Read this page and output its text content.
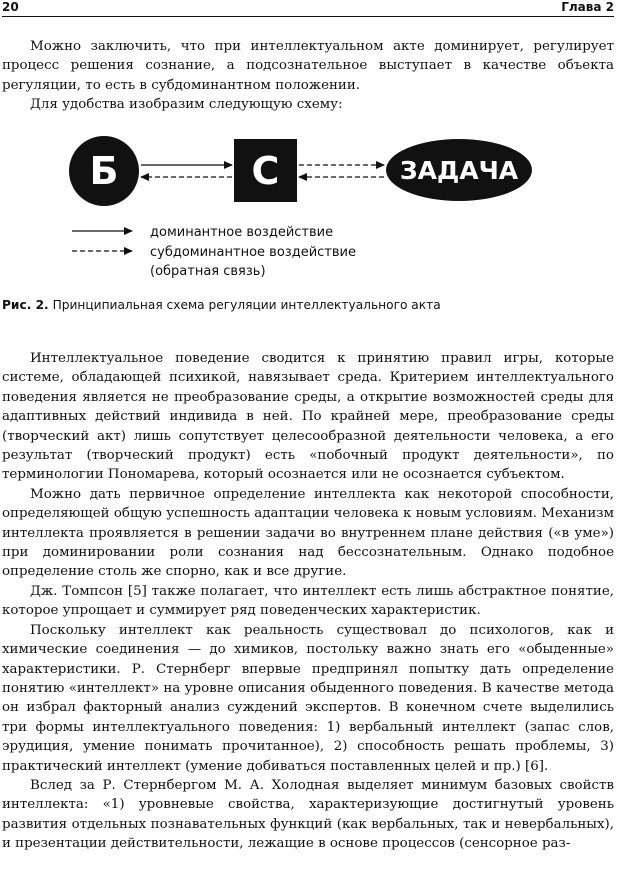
20	Глава 2

Можно заключить, что при интеллектуальном акте доминирует, регулирует процесс решения сознание, а подсознательное выступает в качестве объекта регуляции, то есть в субдоминантном положении.

Для удобства изобразим следующую схему:

Б	С	ЗАДАЧА
доминантное воздействие
субдоминантное воздействие
(обратная связь)

Рис. 2. Принципиальная схема регуляции интеллектуального акта

Интеллектуальное поведение сводится к принятию правил игры, которые системе, обладающей психикой, навязывает среда. Критерием интеллектуального поведения является не преобразование среды, а открытие возможностей среды для адаптивных действий индивида в ней. По крайней мере, преобразование среды (творческий акт) лишь сопутствует целесообразной деятельности человека, а его результат (творческий продукт) есть «побочный продукт деятельности», по терминологии Пономарева, который осознается или не осознается субъектом.

Можно дать первичное определение интеллекта как некоторой способности, определяющей общую успешность адаптации человека к новым условиям. Механизм интеллекта проявляется в решении задачи во внутреннем плане действия («в уме») при доминировании роли сознания над бессознательным. Однако подобное определение столь же спорно, как и все другие.

Дж. Томпсон [5] также полагает, что интеллект есть лишь абстрактное понятие, которое упрощает и суммирует ряд поведенческих характеристик.

Поскольку интеллект как реальность существовал до психологов, как и химические соединения — до химиков, постольку важно знать его «обыденные» характеристики. Р. Стернберг впервые предпринял попытку дать определение понятию «интеллект» на уровне описания обыденного поведения. В качестве метода он избрал факторный анализ суждений экспертов. В конечном счете выделились три формы интеллектуального поведения: 1) вербальный интеллект (запас слов, эрудиция, умение понимать прочитанное), 2) способность решать проблемы, 3) практический интеллект (умение добиваться поставленных целей и пр.) [6].

Вслед за Р. Стернбергом М. А. Холодная выделяет минимум базовых свойств интеллекта: «1) уровневые свойства, характеризующие достигнутый уровень развития отдельных познавательных функций (как вербальных, так и невербальных), и презентации действительности, лежащие в основе процессов (сенсорное раз-
